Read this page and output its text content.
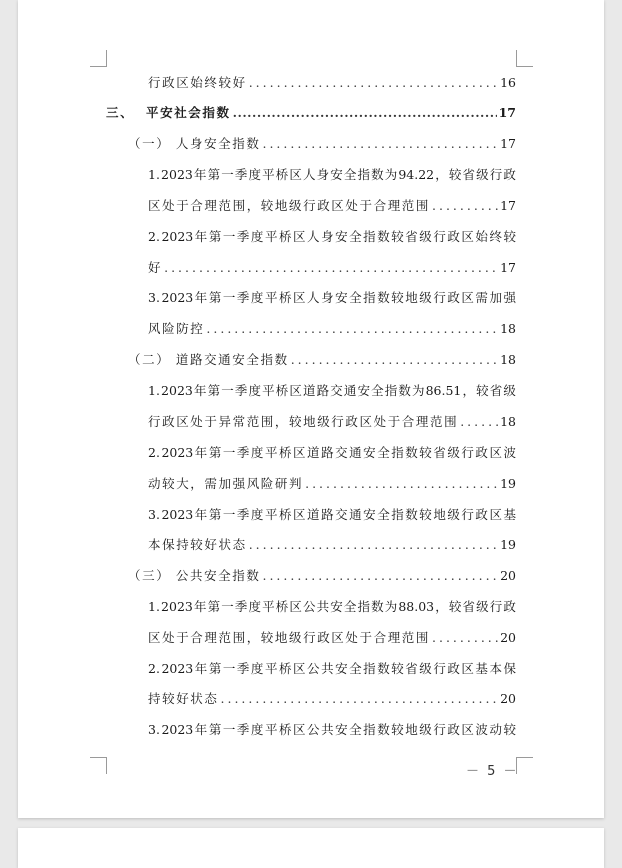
行政区始终较好 .....	16
三、 平安社会指数 .....	17
（一） 人身安全指数 .....	17
1. 2023 年 第 一 季 度 平 桥 区 人 身 安 全 指 数 为 94.22 ， 较 省 级 行 政
区处于合理范围，较地级行政区处于合理范围 .....	17
2. 2023 年 第 一 季 度 平 桥 区 人 身 安 全 指 数 较 省 级 行 政 区 始 终 较
好 .....	17
3. 2023 年 第 一 季 度 平 桥 区 人 身 安 全 指 数 较 地 级 行 政 区 需 加 强
风险防控 .....	18
（二） 道路交通安全指数 .....	18
1. 2023 年 第 一 季 度 平 桥 区 道 路 交 通 安 全 指 数 为 86.51 ， 较 省 级
行政区处于异常范围，较地级行政区处于合理范围 .....	18
2. 2023 年 第 一 季 度 平 桥 区 道 路 交 通 安 全 指 数 较 省 级 行 政 区 波
动较大，需加强风险研判 .....	19
3. 2023 年 第 一 季 度 平 桥 区 道 路 交 通 安 全 指 数 较 地 级 行 政 区 基
本保持较好状态 .....	19
（三） 公共安全指数 .....	20
1. 2023 年 第 一 季 度 平 桥 区 公 共 安 全 指 数 为 88.03 ， 较 省 级 行 政
区处于合理范围，较地级行政区处于合理范围 .....	20
2. 2023 年 第 一 季 度 平 桥 区 公 共 安 全 指 数 较 省 级 行 政 区 基 本 保
持较好状态 .....	20
3. 2023 年 第 一 季 度 平 桥 区 公 共 安 全 指 数 较 地 级 行 政 区 波 动 较
－ 5 －
